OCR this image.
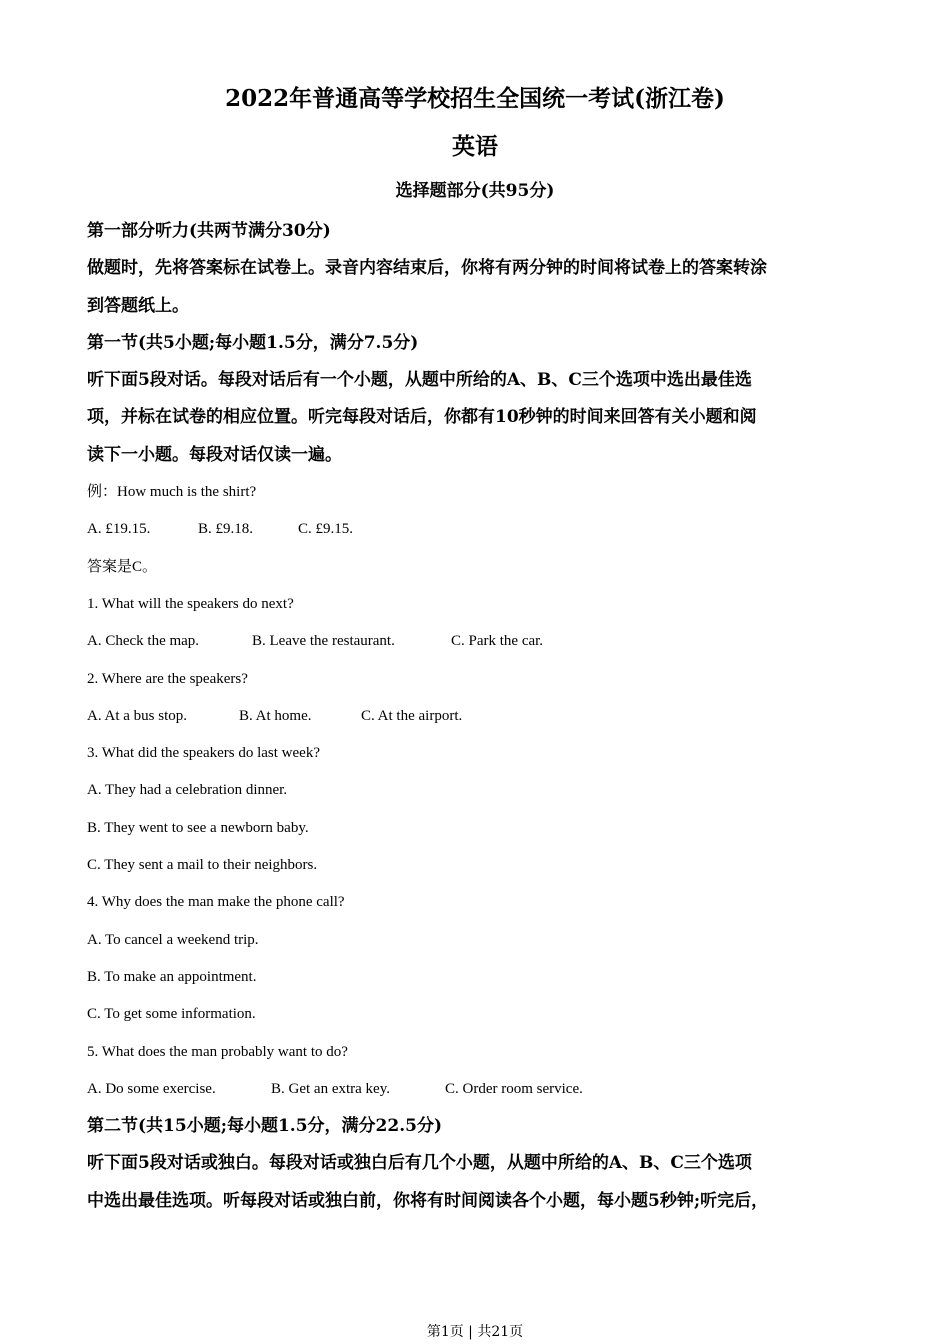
2022年普通高等学校招生全国统一考试(浙江卷)
英语
选择题部分(共95分)
第一部分听力(共两节满分30分)
做题时，先将答案标在试卷上。录音内容结束后，你将有两分钟的时间将试卷上的答案转涂
到答题纸上。
第一节(共5小题;每小题1.5分，满分7.5分)
听下面5段对话。每段对话后有一个小题，从题中所给的A、B、C三个选项中选出最佳选
项，并标在试卷的相应位置。听完每段对话后，你都有10秒钟的时间来回答有关小题和阅
读下一小题。每段对话仅读一遍。
例：How much is the shirt?
A. £19.15.	B. £9.18.	C. £9.15.
答案是C。
1. What will the speakers do next?
A. Check the map.	B. Leave the restaurant.	C. Park the car.
2. Where are the speakers?
A. At a bus stop.	B. At home.	C. At the airport.
3. What did the speakers do last week?
A. They had a celebration dinner.
B. They went to see a newborn baby.
C. They sent a mail to their neighbors.
4. Why does the man make the phone call?
A. To cancel a weekend trip.
B. To make an appointment.
C. To get some information.
5. What does the man probably want to do?
A. Do some exercise.	B. Get an extra key.	C. Order room service.
第二节(共15小题;每小题1.5分，满分22.5分)
听下面5段对话或独白。每段对话或独白后有几个小题，从题中所给的A、B、C三个选项
中选出最佳选项。听每段对话或独白前，你将有时间阅读各个小题，每小题5秒钟;听完后，
第1页 | 共21页
